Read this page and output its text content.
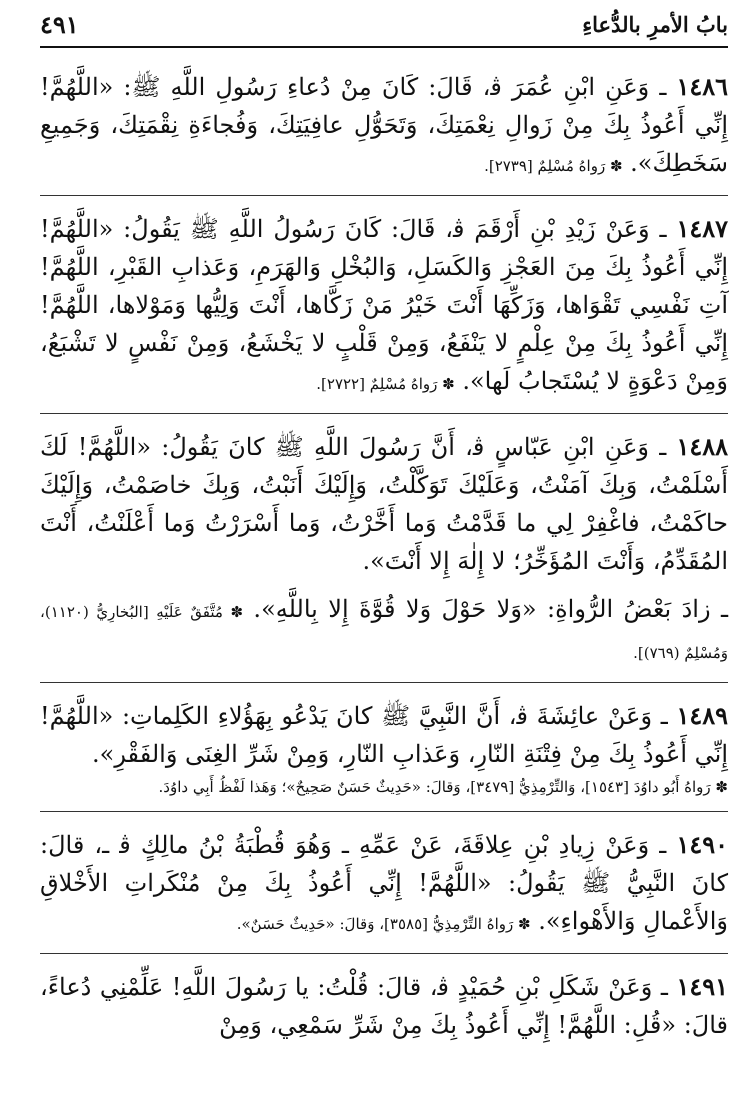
بابُ الأمرِ بالدُّعاءِ
٤٩١

١٤٨٦ ـ وَعَنِ ابْنِ عُمَرَ ﭬ، قَالَ: كَانَ مِنْ دُعاءِ رَسُولِ اللَّهِ ﷺ: «اللَّهُمَّ! إِنِّي أَعُوذُ بِكَ مِنْ زَوالِ نِعْمَتِكَ، وَتَحَوُّلِ عافِيَتِكَ، وَفُجاءَةِ نِقْمَتِكَ، وَجَمِيعِ سَخَطِكَ». ✽ رَواهُ مُسْلِمٌ [٢٧٣٩].

١٤٨٧ ـ وَعَنْ زَيْدِ بْنِ أَرْقَمَ ﭬ، قَالَ: كَانَ رَسُولُ اللَّهِ ﷺ يَقُولُ: «اللَّهُمَّ! إِنِّي أَعُوذُ بِكَ مِنَ العَجْزِ وَالكَسَلِ، وَالبُخْلِ وَالهَرَمِ، وَعَذابِ القَبْرِ، اللَّهُمَّ! آتِ نَفْسِي تَقْوَاها، وَزَكِّهَا أَنْتَ خَيْرُ مَنْ زَكَّاها، أَنْتَ وَلِيُّها وَمَوْلاها، اللَّهُمَّ! إِنِّي أَعُوذُ بِكَ مِنْ عِلْمٍ لا يَنْفَعُ، وَمِنْ قَلْبٍ لا يَخْشَعُ، وَمِنْ نَفْسٍ لا تَشْبَعُ، وَمِنْ دَعْوَةٍ لا يُسْتَجابُ لَها». ✽ رَواهُ مُسْلِمٌ [٢٧٢٢].

١٤٨٨ ـ وَعَنِ ابْنِ عَبّاسٍ ﭬ، أَنَّ رَسُولَ اللَّهِ ﷺ كانَ يَقُولُ: «اللَّهُمَّ! لَكَ أَسْلَمْتُ، وَبِكَ آمَنْتُ، وَعَلَيْكَ تَوَكَّلْتُ، وَإِلَيْكَ أَنَبْتُ، وَبِكَ خاصَمْتُ، وَإِلَيْكَ حاكَمْتُ، فاغْفِرْ لِي ما قَدَّمْتُ وَما أَخَّرْتُ، وَما أَسْرَرْتُ وَما أَعْلَنْتُ، أَنْتَ المُقَدِّمُ، وَأَنْتَ المُؤَخِّرُ؛ لا إِلٰهَ إِلا أَنْتَ».

ـ زادَ بَعْضُ الرُّواةِ: «وَلا حَوْلَ وَلا قُوَّةَ إِلا بِاللَّهِ». ✽ مُتَّفَقٌ عَلَيْهِ [البُخارِيُّ (١١٢٠)، وَمُسْلِمٌ (٧٦٩)].

١٤٨٩ ـ وَعَنْ عائِشَةَ ﭬ، أَنَّ النَّبِيَّ ﷺ كانَ يَدْعُو بِهَؤُلاءِ الكَلِماتِ: «اللَّهُمَّ! إِنِّي أَعُوذُ بِكَ مِنْ فِتْنَةِ النّارِ، وَعَذابِ النّارِ، وَمِنْ شَرِّ الغِنَى وَالفَقْرِ».

✽ رَواهُ أَبُو داوُدَ [١٥٤٣]، وَالتِّرْمِذِيُّ [٣٤٧٩]، وَقالَ: «حَدِيثٌ حَسَنٌ صَحِيحٌ»؛ وَهَذا لَفْظُ أَبِي داوُدَ.

١٤٩٠ ـ وَعَنْ زِيادِ بْنِ عِلاقَةَ، عَنْ عَمِّهِ ـ وَهُوَ قُطْبَةُ بْنُ مالِكٍ ﭬ ـ، قالَ: كانَ النَّبِيُّ ﷺ يَقُولُ: «اللَّهُمَّ! إِنِّي أَعُوذُ بِكَ مِنْ مُنْكَراتِ الأَخْلاقِ وَالأَعْمالِ وَالأَهْواءِ». ✽ رَواهُ التِّرْمِذِيُّ [٣٥٨٥]، وَقالَ: «حَدِيثٌ حَسَنٌ».

١٤٩١ ـ وَعَنْ شَكَلِ بْنِ حُمَيْدٍ ﭬ، قالَ: قُلْتُ: يا رَسُولَ اللَّهِ! عَلِّمْنِي دُعاءً، قالَ: «قُلِ: اللَّهُمَّ! إِنِّي أَعُوذُ بِكَ مِنْ شَرِّ سَمْعِي، وَمِنْ
